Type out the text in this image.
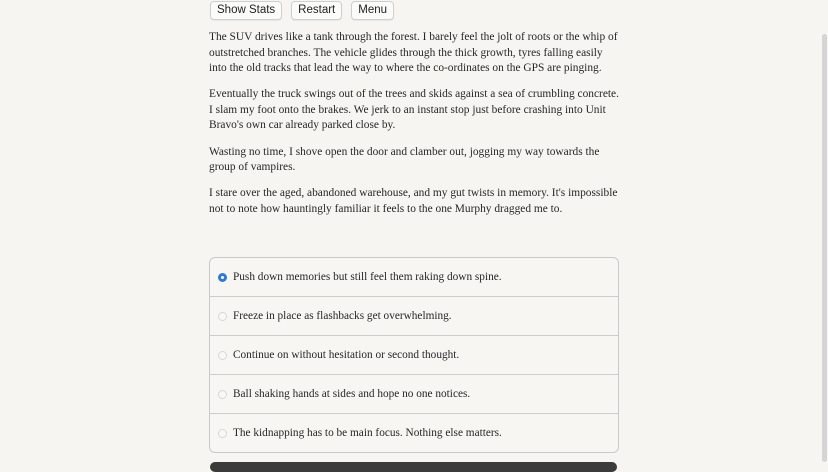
Show Stats	Restart	Menu

The SUV drives like a tank through the forest. I barely feel the jolt of roots or the whip of outstretched branches. The vehicle glides through the thick growth, tyres falling easily into the old tracks that lead the way to where the co-ordinates on the GPS are pinging.

Eventually the truck swings out of the trees and skids against a sea of crumbling concrete. I slam my foot onto the brakes. We jerk to an instant stop just before crashing into Unit Bravo's own car already parked close by.

Wasting no time, I shove open the door and clamber out, jogging my way towards the group of vampires.

I stare over the aged, abandoned warehouse, and my gut twists in memory. It's impossible not to note how hauntingly familiar it feels to the one Murphy dragged me to.

Push down memories but still feel them raking down spine.
Freeze in place as flashbacks get overwhelming.
Continue on without hesitation or second thought.
Ball shaking hands at sides and hope no one notices.
The kidnapping has to be main focus. Nothing else matters.
